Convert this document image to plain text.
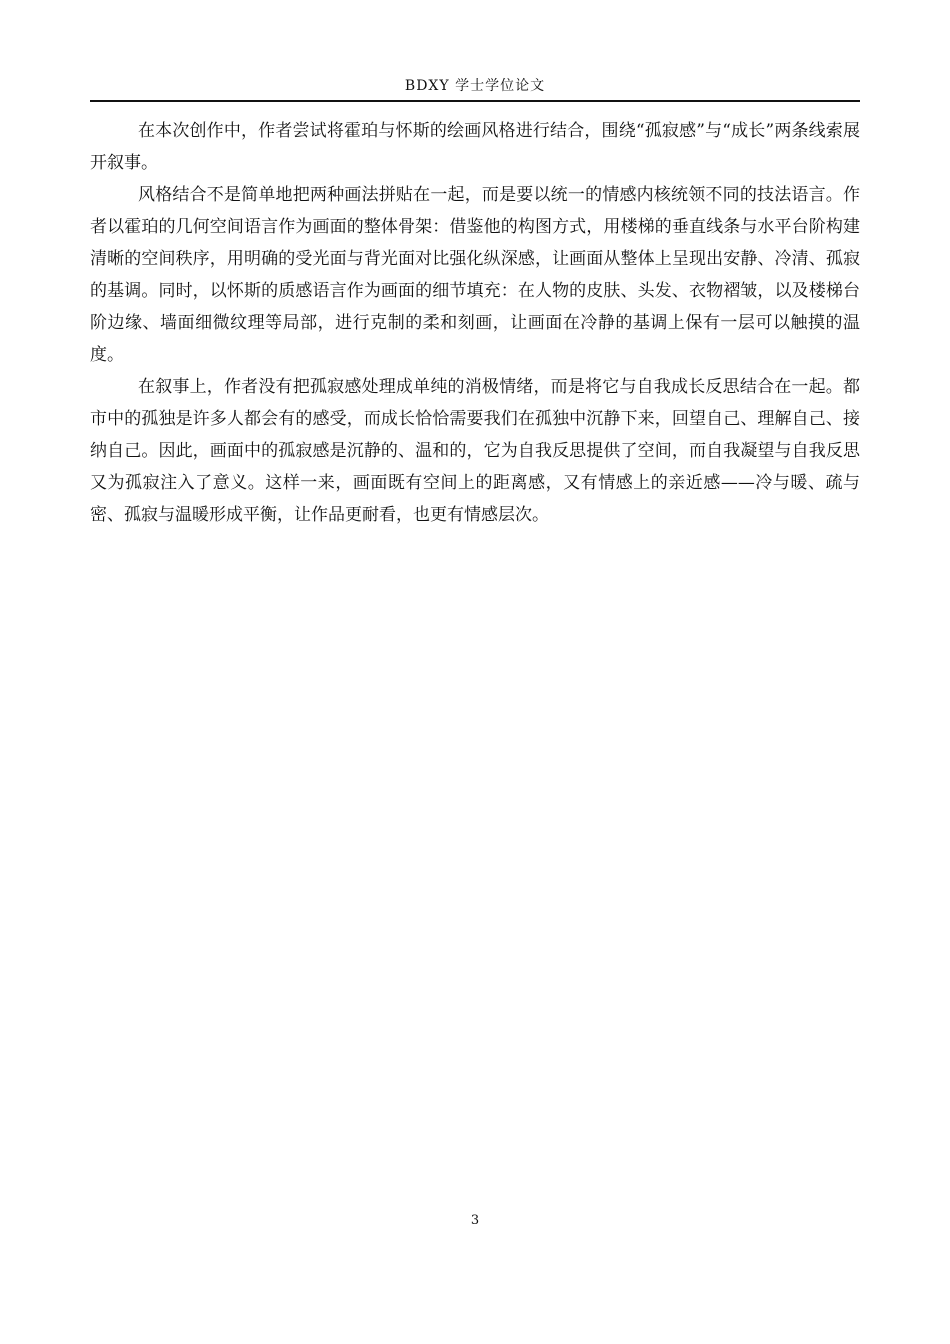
BDXY 学士学位论文

在本次创作中，作者尝试将霍珀与怀斯的绘画风格进行结合，围绕“孤寂感”与“成长”两条线索展开叙事。

风格结合不是简单地把两种画法拼贴在一起，而是要以统一的情感内核统领不同的技法语言。作者以霍珀的几何空间语言作为画面的整体骨架：借鉴他的构图方式，用楼梯的垂直线条与水平台阶构建清晰的空间秩序，用明确的受光面与背光面对比强化纵深感，让画面从整体上呈现出安静、冷清、孤寂的基调。同时，以怀斯的质感语言作为画面的细节填充：在人物的皮肤、头发、衣物褶皱，以及楼梯台阶边缘、墙面细微纹理等局部，进行克制的柔和刻画，让画面在冷静的基调上保有一层可以触摸的温度。

在叙事上，作者没有把孤寂感处理成单纯的消极情绪，而是将它与自我成长反思结合在一起。都市中的孤独是许多人都会有的感受，而成长恰恰需要我们在孤独中沉静下来，回望自己、理解自己、接纳自己。因此，画面中的孤寂感是沉静的、温和的，它为自我反思提供了空间，而自我凝望与自我反思又为孤寂注入了意义。这样一来，画面既有空间上的距离感，又有情感上的亲近感——冷与暖、疏与密、孤寂与温暖形成平衡，让作品更耐看，也更有情感层次。

3
